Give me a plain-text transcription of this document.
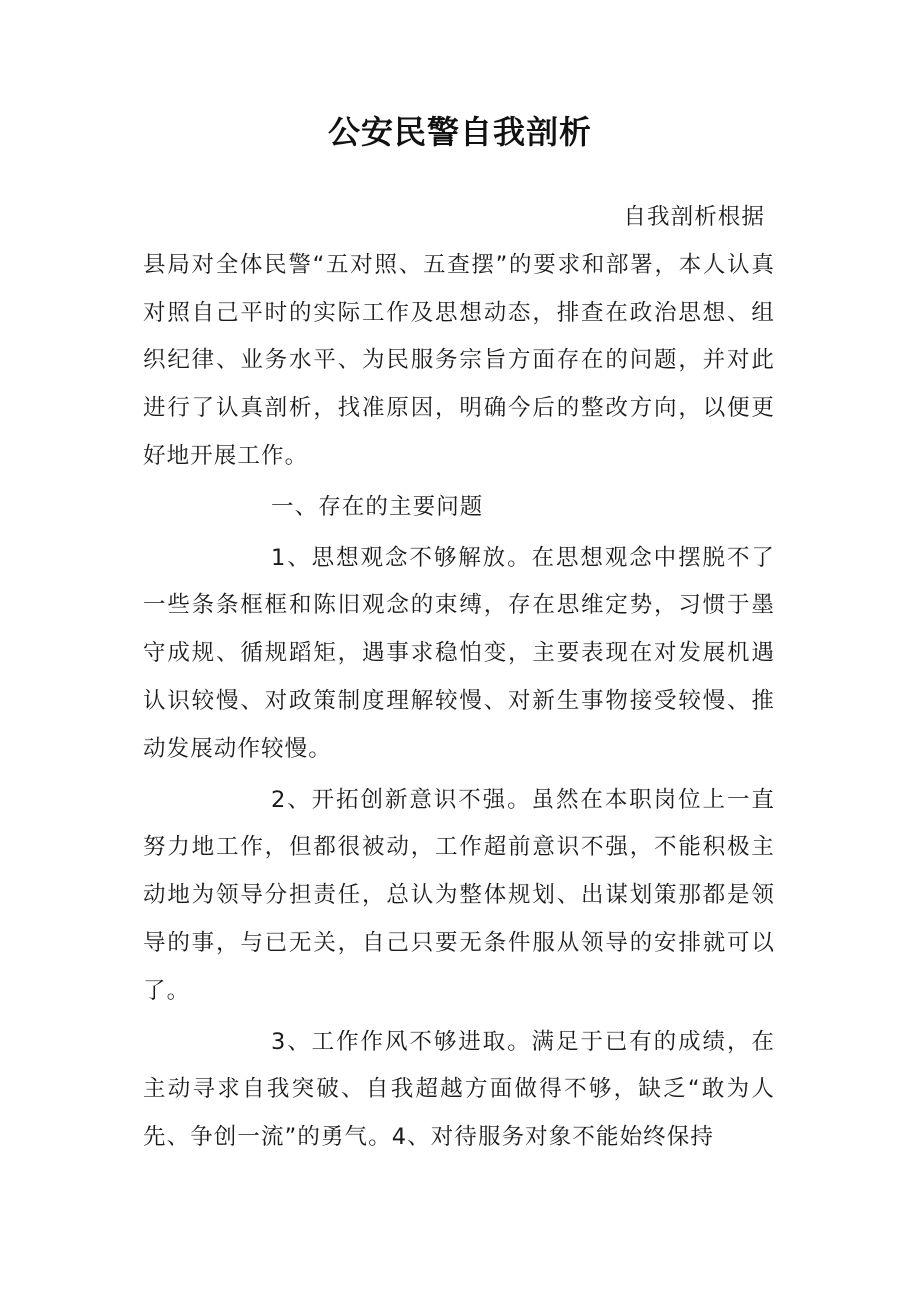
公安民警自我剖析

自我剖析根据

县局对全体民警“五对照、五查摆”的要求和部署，本人认真对照自己平时的实际工作及思想动态，排查在政治思想、组织纪律、业务水平、为民服务宗旨方面存在的问题，并对此进行了认真剖析，找准原因，明确今后的整改方向，以便更好地开展工作。

一、存在的主要问题

1、思想观念不够解放。在思想观念中摆脱不了一些条条框框和陈旧观念的束缚，存在思维定势，习惯于墨守成规、循规蹈矩，遇事求稳怕变，主要表现在对发展机遇认识较慢、对政策制度理解较慢、对新生事物接受较慢、推动发展动作较慢。

2、开拓创新意识不强。虽然在本职岗位上一直努力地工作，但都很被动，工作超前意识不强，不能积极主动地为领导分担责任，总认为整体规划、出谋划策那都是领导的事，与已无关，自己只要无条件服从领导的安排就可以了。

3、工作作风不够进取。满足于已有的成绩，在主动寻求自我突破、自我超越方面做得不够，缺乏“敢为人先、争创一流”的勇气。4、对待服务对象不能始终保持
